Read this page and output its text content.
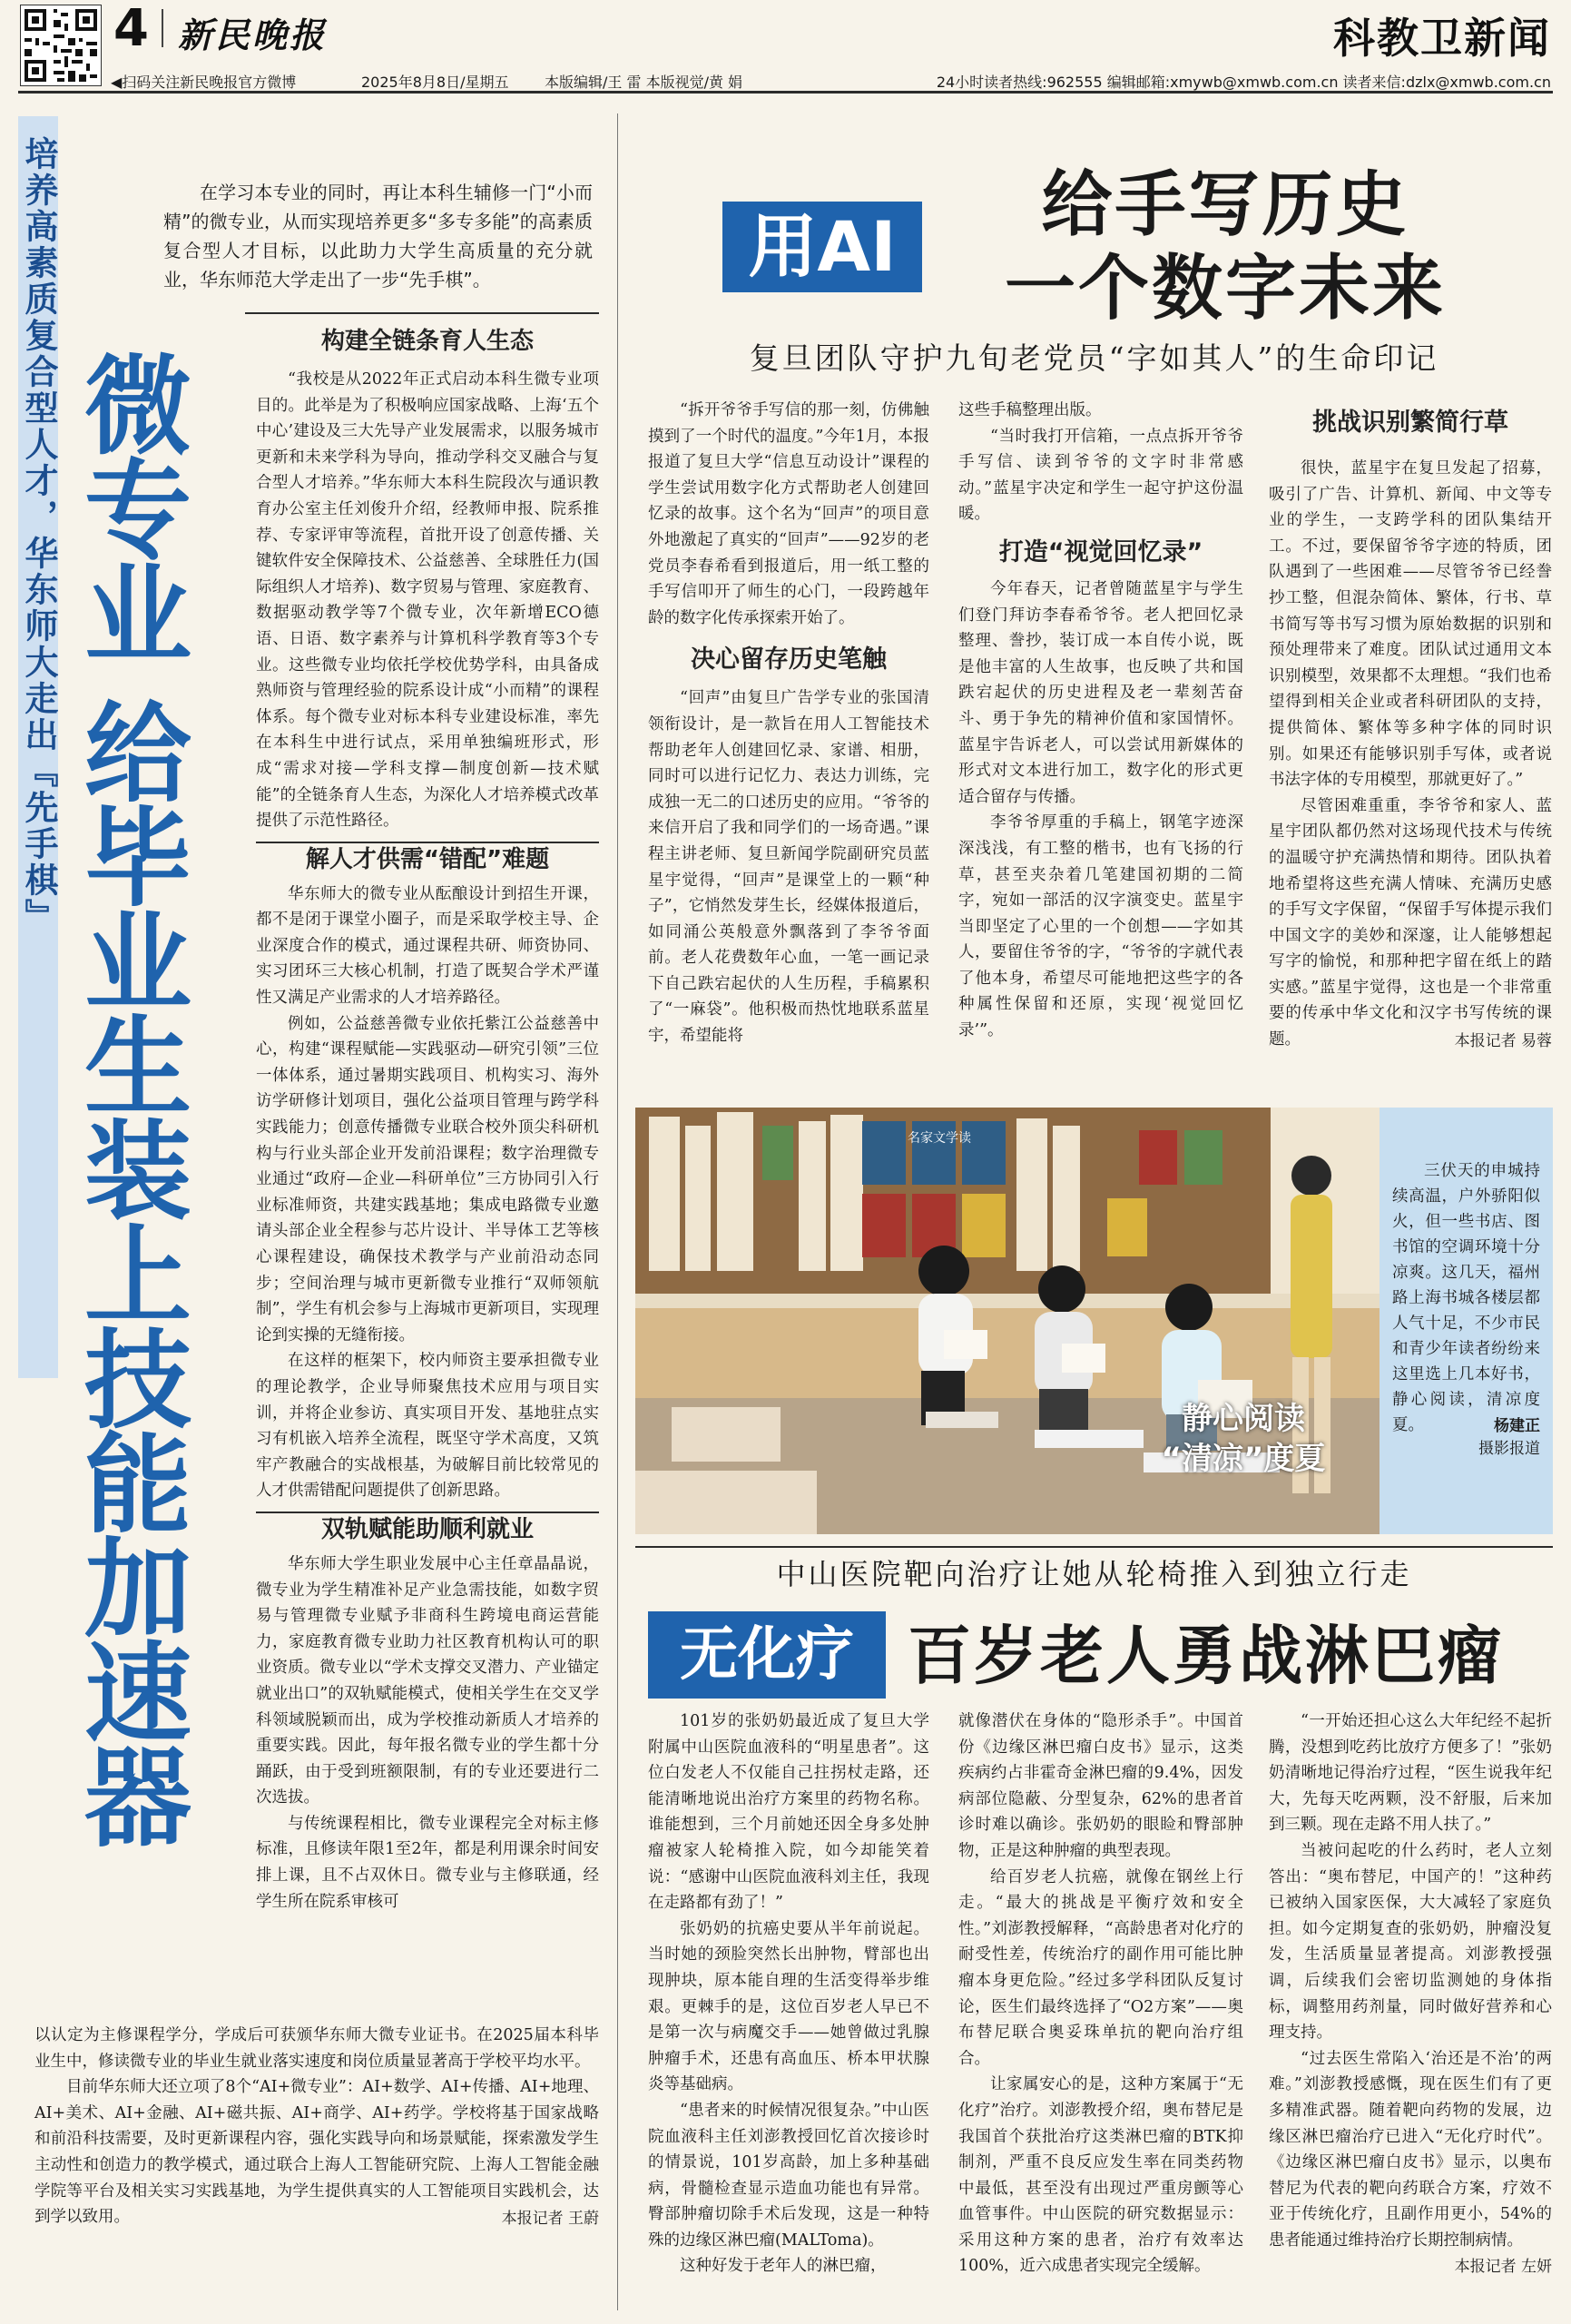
4 新民晚报	科教卫新闻
◀扫码关注新民晚报官方微博	2025年8月8日/星期五 本版编辑/王 雷 本版视觉/黄 娟	24小时读者热线:962555 编辑邮箱:xmywb@xmwb.com.cn 读者来信:dzlx@xmwb.com.cn
培养高素质复合型人才，华东师大走出『先手棋』 微专业 给毕业生装上技能加速器

在学习本专业的同时，再让本科生辅修一门“小而精”的微专业，从而实现培养更多“多专多能”的高素质复合型人才目标，以此助力大学生高质量的充分就业，华东师范大学走出了一步“先手棋”。

构建全链条育人生态

“我校是从2022年正式启动本科生微专业项目的。此举是为了积极响应国家战略、上海‘五个中心’建设及三大先导产业发展需求，以服务城市更新和未来学科为导向，推动学科交叉融合与复合型人才培养。”华东师大本科生院段次与通识教育办公室主任刘俊升介绍，经教师申报、院系推荐、专家评审等流程，首批开设了创意传播、关键软件安全保障技术、公益慈善、全球胜任力(国际组织人才培养)、数字贸易与管理、家庭教育、数据驱动教学等7个微专业，次年新增ECO德语、日语、数字素养与计算机科学教育等3个专业。这些微专业均依托学校优势学科，由具备成熟师资与管理经验的院系设计成“小而精”的课程体系。每个微专业对标本科专业建设标准，率先在本科生中进行试点，采用单独编班形式，形成“需求对接—学科支撑—制度创新—技术赋能”的全链条育人生态，为深化人才培养模式改革提供了示范性路径。

解人才供需“错配”难题

华东师大的微专业从酝酿设计到招生开课，都不是闭于课堂小圈子，而是采取学校主导、企业深度合作的模式，通过课程共研、师资协同、实习团环三大核心机制，打造了既契合学术严谨性又满足产业需求的人才培养路径。

例如，公益慈善微专业依托紫江公益慈善中心，构建“课程赋能—实践驱动—研究引领”三位一体体系，通过暑期实践项目、机构实习、海外访学研修计划项目，强化公益项目管理与跨学科实践能力；创意传播微专业联合校外顶尖科研机构与行业头部企业开发前沿课程；数字治理微专业通过“政府—企业—科研单位”三方协同引入行业标准师资，共建实践基地；集成电路微专业邀请头部企业全程参与芯片设计、半导体工艺等核心课程建设，确保技术教学与产业前沿动态同步；空间治理与城市更新微专业推行“双师领航制”，学生有机会参与上海城市更新项目，实现理论到实操的无缝衔接。

在这样的框架下，校内师资主要承担微专业的理论教学，企业导师聚焦技术应用与项目实训，并将企业参访、真实项目开发、基地驻点实习有机嵌入培养全流程，既坚守学术高度，又筑牢产教融合的实战根基，为破解目前比较常见的人才供需错配问题提供了创新思路。

双轨赋能助顺利就业

华东师大学生职业发展中心主任章晶晶说，微专业为学生精准补足产业急需技能，如数字贸易与管理微专业赋予非商科生跨境电商运营能力，家庭教育微专业助力社区教育机构认可的职业资质。微专业以“学术支撑交叉潜力、产业锚定就业出口”的双轨赋能模式，使相关学生在交叉学科领域脱颖而出，成为学校推动新质人才培养的重要实践。因此，每年报名微专业的学生都十分踊跃，由于受到班额限制，有的专业还要进行二次选拔。

与传统课程相比，微专业课程完全对标主修标准，且修读年限1至2年，都是利用课余时间安排上课，且不占双休日。微专业与主修联通，经学生所在院系审核可

以认定为主修课程学分，学成后可获颁华东师大微专业证书。在2025届本科毕业生中，修读微专业的毕业生就业落实速度和岗位质量显著高于学校平均水平。

目前华东师大还立项了8个“AI+微专业”：AI+数学、AI+传播、AI+地理、AI+美术、AI+金融、AI+磁共振、AI+商学、AI+药学。学校将基于国家战略和前沿科技需要，及时更新课程内容，强化实践导向和场景赋能，探索激发学生主动性和创造力的教学模式，通过联合上海人工智能研究院、上海人工智能金融学院等平台及相关实习实践基地，为学生提供真实的人工智能项目实践机会，达到学以致用。	本报记者 王蔚
用AI
给手写历史
一个数字未来
复旦团队守护九旬老党员“字如其人”的生命印记

“拆开爷爷手写信的那一刻，仿佛触摸到了一个时代的温度。”今年1月，本报报道了复旦大学“信息互动设计”课程的学生尝试用数字化方式帮助老人创建回忆录的故事。这个名为“回声”的项目意外地激起了真实的“回声”——92岁的老党员李春希看到报道后，用一纸工整的手写信叩开了师生的心门，一段跨越年龄的数字化传承探索开始了。

决心留存历史笔触

“回声”由复旦广告学专业的张国清领衔设计，是一款旨在用人工智能技术帮助老年人创建回忆录、家谱、相册，同时可以进行记忆力、表达力训练，完成独一无二的口述历史的应用。“爷爷的来信开启了我和同学们的一场奇遇。”课程主讲老师、复旦新闻学院副研究员蓝星宇觉得，“回声”是课堂上的一颗“种子”，它悄然发芽生长，经媒体报道后，如同涌公英般意外飘落到了李爷爷面前。老人花费数年心血，一笔一画记录下自己跌宕起伏的人生历程，手稿累积了“一麻袋”。他积极而热忱地联系蓝星宇，希望能将

这些手稿整理出版。

“当时我打开信箱，一点点拆开爷爷手写信、读到爷爷的文字时非常感动。”蓝星宇决定和学生一起守护这份温暖。

打造“视觉回忆录”

今年春天，记者曾随蓝星宇与学生们登门拜访李春希爷爷。老人把回忆录整理、誊抄，装订成一本自传小说，既是他丰富的人生故事，也反映了共和国跌宕起伏的历史进程及老一辈刻苦奋斗、勇于争先的精神价值和家国情怀。蓝星宇告诉老人，可以尝试用新媒体的形式对文本进行加工，数字化的形式更适合留存与传播。

李爷爷厚重的手稿上，钢笔字迹深深浅浅，有工整的楷书，也有飞扬的行草，甚至夹杂着几笔建国初期的二简字，宛如一部活的汉字演变史。蓝星宇当即坚定了心里的一个创想——字如其人，要留住爷爷的字，“爷爷的字就代表了他本身，希望尽可能地把这些字的各种属性保留和还原，实现‘视觉回忆录’”。

挑战识别繁简行草

很快，蓝星宇在复旦发起了招募，吸引了广告、计算机、新闻、中文等专业的学生，一支跨学科的团队集结开工。不过，要保留爷爷字迹的特质，团队遇到了一些困难——尽管爷爷已经誊抄工整，但混杂简体、繁体，行书、草书简写等书写习惯为原始数据的识别和预处理带来了难度。团队试过通用文本识别模型，效果都不太理想。“我们也希望得到相关企业或者科研团队的支持，提供简体、繁体等多种字体的同时识别。如果还有能够识别手写体，或者说书法字体的专用模型，那就更好了。”

尽管困难重重，李爷爷和家人、蓝星宇团队都仍然对这场现代技术与传统的温暖守护充满热情和期待。团队执着地希望将这些充满人情味、充满历史感的手写文字保留，“保留手写体提示我们中国文字的美妙和深邃，让人能够想起写字的愉悦，和那种把字留在纸上的踏实感。”蓝星宇觉得，这也是一个非常重要的传承中华文化和汉字书写传统的课题。	本报记者 易蓉
名家文学读
静心阅读
“清凉”度夏

三伏天的申城持续高温，户外骄阳似火，但一些书店、图书馆的空调环境十分凉爽。这几天，福州路上海书城各楼层都人气十足，不少市民和青少年读者纷纷来这里选上几本好书，静心阅读，清凉度夏。	杨建正
摄影报道
中山医院靶向治疗让她从轮椅推入到独立行走
无化疗 百岁老人勇战淋巴瘤

101岁的张奶奶最近成了复旦大学附属中山医院血液科的“明星患者”。这位白发老人不仅能自己拄拐杖走路，还能清晰地说出治疗方案里的药物名称。谁能想到，三个月前她还因全身多处肿瘤被家人轮椅推入院，如今却能笑着说：“感谢中山医院血液科刘主任，我现在走路都有劲了！”

张奶奶的抗癌史要从半年前说起。当时她的颈脸突然长出肿物，臂部也出现肿块，原本能自理的生活变得举步维艰。更棘手的是，这位百岁老人早已不是第一次与病魔交手——她曾做过乳腺肿瘤手术，还患有高血压、桥本甲状腺炎等基础病。

“患者来的时候情况很复杂。”中山医院血液科主任刘澎教授回忆首次接诊时的情景说，101岁高龄，加上多种基础病，骨髓检查显示造血功能也有异常。臀部肿瘤切除手术后发现，这是一种特殊的边缘区淋巴瘤(MALToma)。

这种好发于老年人的淋巴瘤，

就像潜伏在身体的“隐形杀手”。中国首份《边缘区淋巴瘤白皮书》显示，这类疾病约占非霍奇金淋巴瘤的9.4%，因发病部位隐蔽、分型复杂，62%的患者首诊时难以确诊。张奶奶的眼睑和臀部肿物，正是这种肿瘤的典型表现。

给百岁老人抗癌，就像在钢丝上行走。“最大的挑战是平衡疗效和安全性。”刘澎教授解释，“高龄患者对化疗的耐受性差，传统治疗的副作用可能比肿瘤本身更危险。”经过多学科团队反复讨论，医生们最终选择了“O2方案”——奥布替尼联合奥妥珠单抗的靶向治疗组合。

让家属安心的是，这种方案属于“无化疗”治疗。刘澎教授介绍，奥布替尼是我国首个获批治疗这类淋巴瘤的BTK抑制剂，严重不良反应发生率在同类药物中最低，甚至没有出现过严重房颤等心血管事件。中山医院的研究数据显示：采用这种方案的患者，治疗有效率达100%，近六成患者实现完全缓解。

“一开始还担心这么大年纪经不起折腾，没想到吃药比放疗方便多了！”张奶奶清晰地记得治疗过程，“医生说我年纪大，先每天吃两颗，没不舒服，后来加到三颗。现在走路不用人扶了。”

当被问起吃的什么药时，老人立刻答出：“奥布替尼，中国产的！”这种药已被纳入国家医保，大大减轻了家庭负担。如今定期复查的张奶奶，肿瘤没复发，生活质量显著提高。刘澎教授强调，后续我们会密切监测她的身体指标，调整用药剂量，同时做好营养和心理支持。

“过去医生常陷入‘治还是不治’的两难。”刘澎教授感慨，现在医生们有了更多精准武器。随着靶向药物的发展，边缘区淋巴瘤治疗已进入“无化疗时代”。《边缘区淋巴瘤白皮书》显示，以奥布替尼为代表的靶向药联合方案，疗效不亚于传统化疗，且副作用更小，54%的患者能通过维持治疗长期控制病情。

本报记者 左妍
